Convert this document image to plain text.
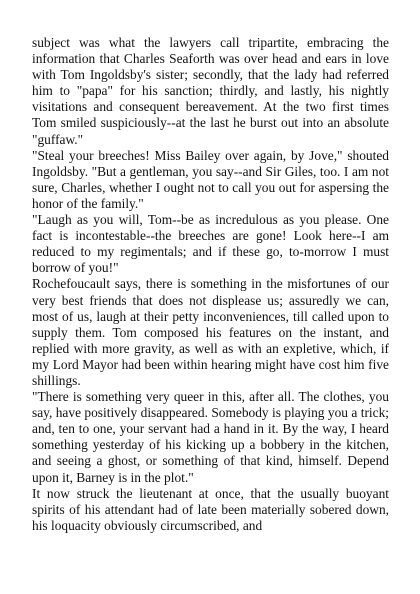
subject was what the lawyers call tripartite, embracing the information that Charles Seaforth was over head and ears in love with Tom Ingoldsby's sister; secondly, that the lady had referred him to "papa" for his sanction; thirdly, and lastly, his nightly visitations and consequent bereavement. At the two first times Tom smiled suspiciously--at the last he burst out into an absolute "guffaw."

"Steal your breeches! Miss Bailey over again, by Jove," shouted Ingoldsby. "But a gentleman, you say--and Sir Giles, too. I am not sure, Charles, whether I ought not to call you out for aspersing the honor of the family."

"Laugh as you will, Tom--be as incredulous as you please. One fact is incontestable--the breeches are gone! Look here--I am reduced to my regimentals; and if these go, to-morrow I must borrow of you!"

Rochefoucault says, there is something in the misfortunes of our very best friends that does not displease us; assuredly we can, most of us, laugh at their petty inconveniences, till called upon to supply them. Tom composed his features on the instant, and replied with more gravity, as well as with an expletive, which, if my Lord Mayor had been within hearing might have cost him five shillings.

"There is something very queer in this, after all. The clothes, you say, have positively disappeared. Somebody is playing you a trick; and, ten to one, your servant had a hand in it. By the way, I heard something yesterday of his kicking up a bobbery in the kitchen, and seeing a ghost, or something of that kind, himself. Depend upon it, Barney is in the plot."

It now struck the lieutenant at once, that the usually buoyant spirits of his attendant had of late been materially sobered down, his loquacity obviously circumscribed, and
